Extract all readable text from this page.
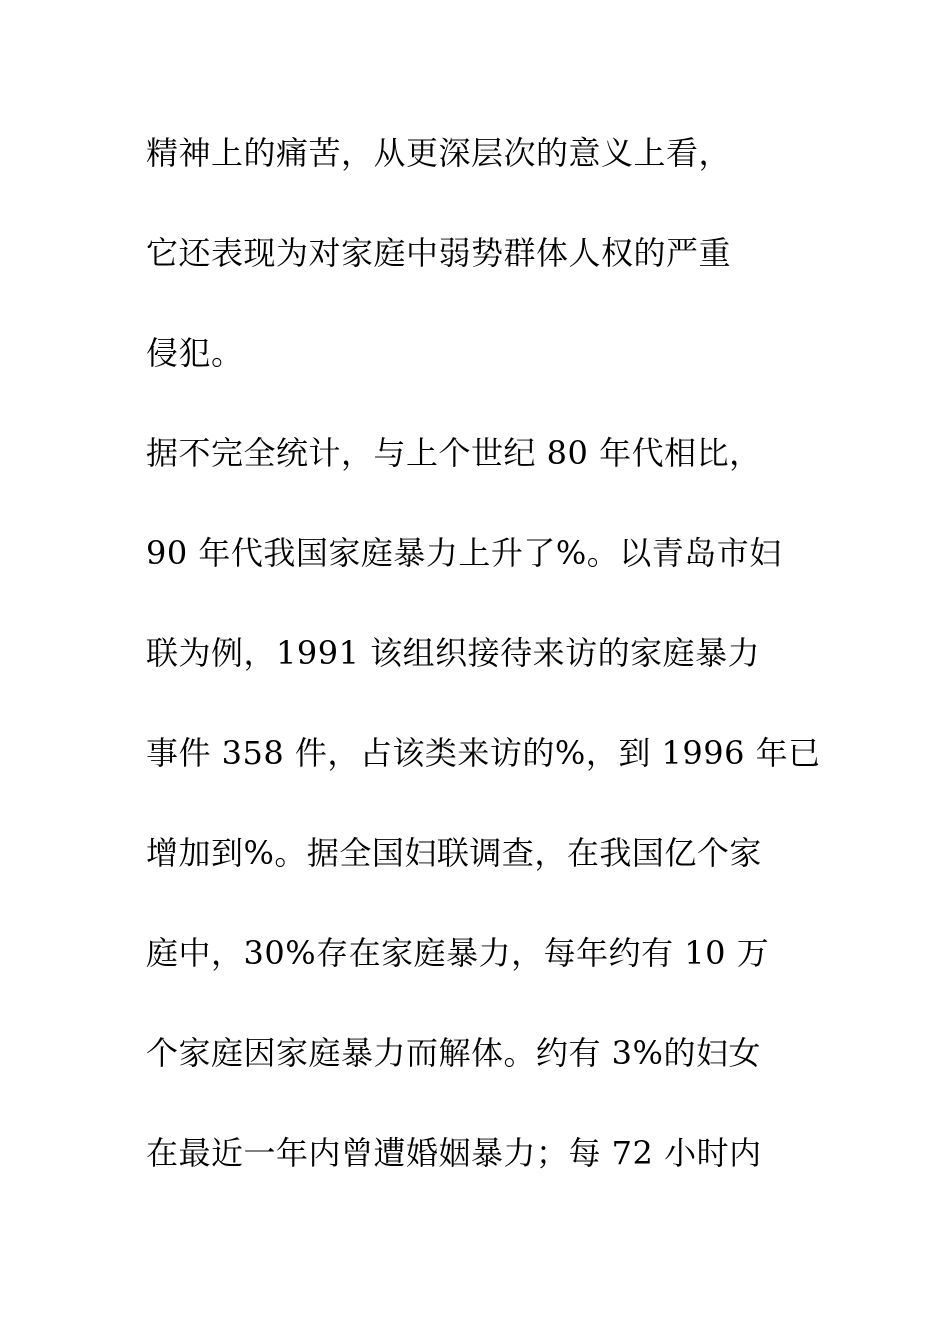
精神上的痛苦，从更深层次的意义上看，
它还表现为对家庭中弱势群体人权的严重
侵犯。
据不完全统计，与上个世纪 80 年代相比，
90 年代我国家庭暴力上升了%。以青岛市妇
联为例，1991 该组织接待来访的家庭暴力
事件 358 件，占该类来访的%，到 1996 年已
增加到%。据全国妇联调查，在我国亿个家
庭中，30%存在家庭暴力，每年约有 10 万
个家庭因家庭暴力而解体。约有 3%的妇女
在最近一年内曾遭婚姻暴力；每 72 小时内
